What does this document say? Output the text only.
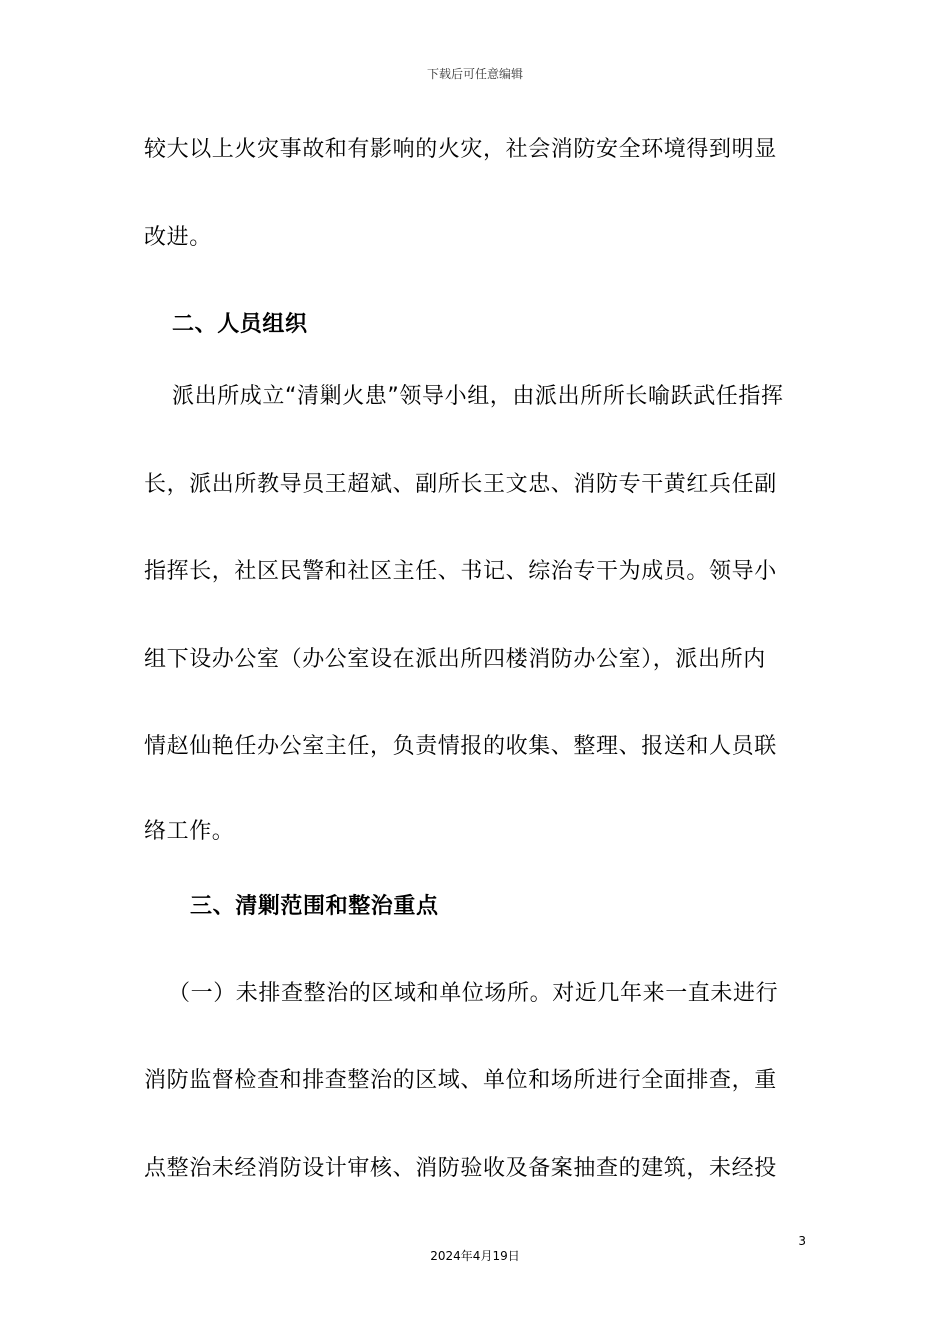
下载后可任意编辑
较大以上火灾事故和有影响的火灾，社会消防安全环境得到明显
改进。
二、人员组织
派出所成立“清剿火患”领导小组，由派出所所长喻跃武任指挥
长，派出所教导员王超斌、副所长王文忠、消防专干黄红兵任副
指挥长，社区民警和社区主任、书记、综治专干为成员。领导小
组下设办公室（办公室设在派出所四楼消防办公室），派出所内
情赵仙艳任办公室主任，负责情报的收集、整理、报送和人员联
络工作。
三、清剿范围和整治重点
（一）未排查整治的区域和单位场所。对近几年来一直未进行
消防监督检查和排查整治的区域、单位和场所进行全面排查，重
点整治未经消防设计审核、消防验收及备案抽查的建筑，未经投
3
2024年4月19日
